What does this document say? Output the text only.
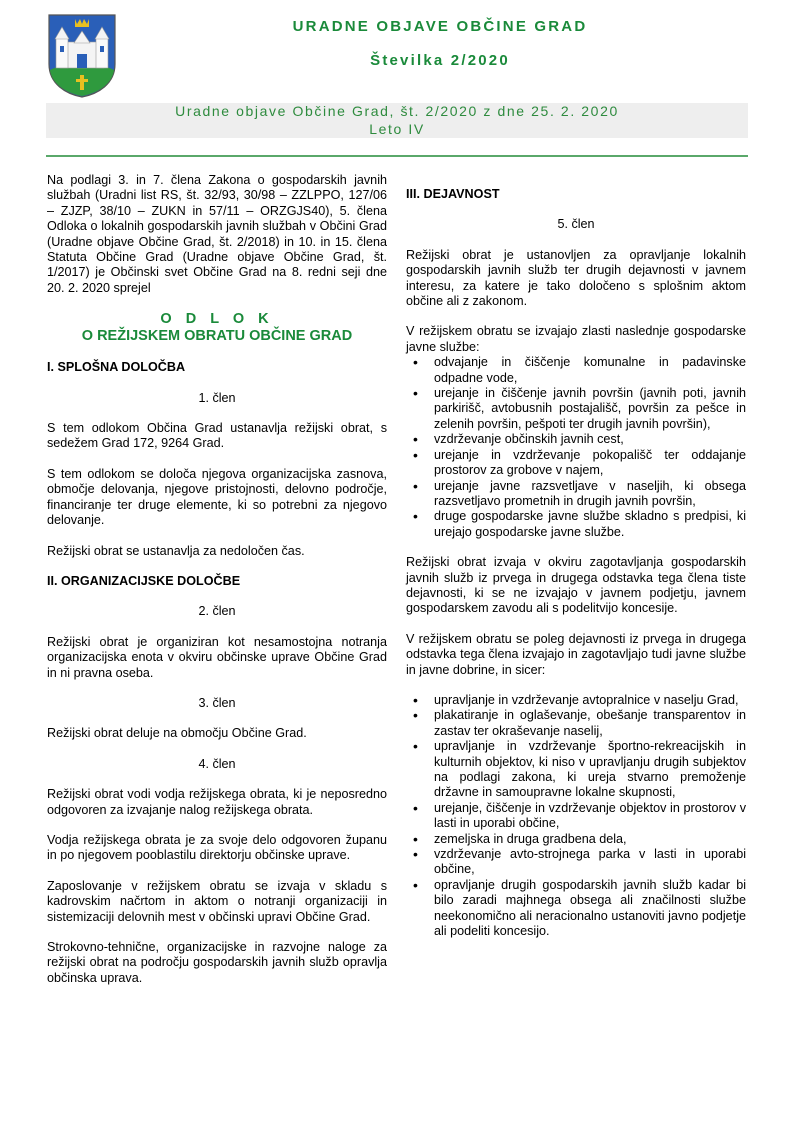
URADNE OBJAVE OBČINE GRAD
Številka 2/2020
Uradne objave Občine Grad, št. 2/2020 z dne 25. 2. 2020
Leto IV

Na podlagi 3. in 7. člena Zakona o gospodarskih javnih službah (Uradni list RS, št. 32/93, 30/98 – ZZLPPO, 127/06 – ZJZP, 38/10 – ZUKN in 57/11 – ORZGJS40), 5. člena Odloka o lokalnih gospodarskih javnih službah v Občini Grad (Uradne objave Občine Grad, št. 2/2018) in 10. in 15. člena Statuta Občine Grad (Uradne objave Občine Grad, št. 1/2017) je Občinski svet Občine Grad na 8. redni seji dne 20. 2. 2020 sprejel

O D L O K

O REŽIJSKEM OBRATU OBČINE GRAD

I. SPLOŠNA DOLOČBA

1. člen

S tem odlokom Občina Grad ustanavlja režijski obrat, s sedežem Grad 172, 9264 Grad.

S tem odlokom se določa njegova organizacijska zasnova, območje delovanja, njegove pristojnosti, delovno področje, financiranje ter druge elemente, ki so potrebni za njegovo delovanje.

Režijski obrat se ustanavlja za nedoločen čas.

II. ORGANIZACIJSKE DOLOČBE

2. člen

Režijski obrat je organiziran kot nesamostojna notranja organizacijska enota v okviru občinske uprave Občine Grad in ni pravna oseba.

3. člen

Režijski obrat deluje na območju Občine Grad.

4. člen

Režijski obrat vodi vodja režijskega obrata, ki je neposredno odgovoren za izvajanje nalog režijskega obrata.

Vodja režijskega obrata je za svoje delo odgovoren županu in po njegovem pooblastilu direktorju občinske uprave.

Zaposlovanje v režijskem obratu se izvaja v skladu s kadrovskim načrtom in aktom o notranji organizaciji in sistemizaciji delovnih mest v občinski upravi Občine Grad.

Strokovno-tehnične, organizacijske in razvojne naloge za režijski obrat na področju gospodarskih javnih služb opravlja občinska uprava.

III. DEJAVNOST

5. člen

Režijski obrat je ustanovljen za opravljanje lokalnih gospodarskih javnih služb ter drugih dejavnosti v javnem interesu, za katere je tako določeno s splošnim aktom občine ali z zakonom.

V režijskem obratu se izvajajo zlasti naslednje gospodarske javne službe:

• odvajanje in čiščenje komunalne in padavinske odpadne vode,
• urejanje in čiščenje javnih površin (javnih poti, javnih parkirišč, avtobusnih postajališč, površin za pešce in zelenih površin, pešpoti ter drugih javnih površin),
• vzdrževanje občinskih javnih cest,
• urejanje in vzdrževanje pokopališč ter oddajanje prostorov za grobove v najem,
• urejanje javne razsvetljave v naseljih, ki obsega razsvetljavo prometnih in drugih javnih površin,
• druge gospodarske javne službe skladno s predpisi, ki urejajo gospodarske javne službe.

Režijski obrat izvaja v okviru zagotavljanja gospodarskih javnih služb iz prvega in drugega odstavka tega člena tiste dejavnosti, ki se ne izvajajo v javnem podjetju, javnem gospodarskem zavodu ali s podelitvijo koncesije.

V režijskem obratu se poleg dejavnosti iz prvega in drugega odstavka tega člena izvajajo in zagotavljajo tudi javne službe in javne dobrine, in sicer:

• upravljanje in vzdrževanje avtopralnice v naselju Grad,
• plakatiranje in oglaševanje, obešanje transparentov in zastav ter okraševanje naselij,
• upravljanje in vzdrževanje športno-rekreacijskih in kulturnih objektov, ki niso v upravljanju drugih subjektov na podlagi zakona, ki ureja stvarno premoženje državne in samoupravne lokalne skupnosti,
• urejanje, čiščenje in vzdrževanje objektov in prostorov v lasti in uporabi občine,
• zemeljska in druga gradbena dela,
• vzdrževanje avto-strojnega parka v lasti in uporabi občine,
• opravljanje drugih gospodarskih javnih služb kadar bi bilo zaradi majhnega obsega ali značilnosti službe neekonomično ali neracionalno ustanoviti javno podjetje ali podeliti koncesijo.
